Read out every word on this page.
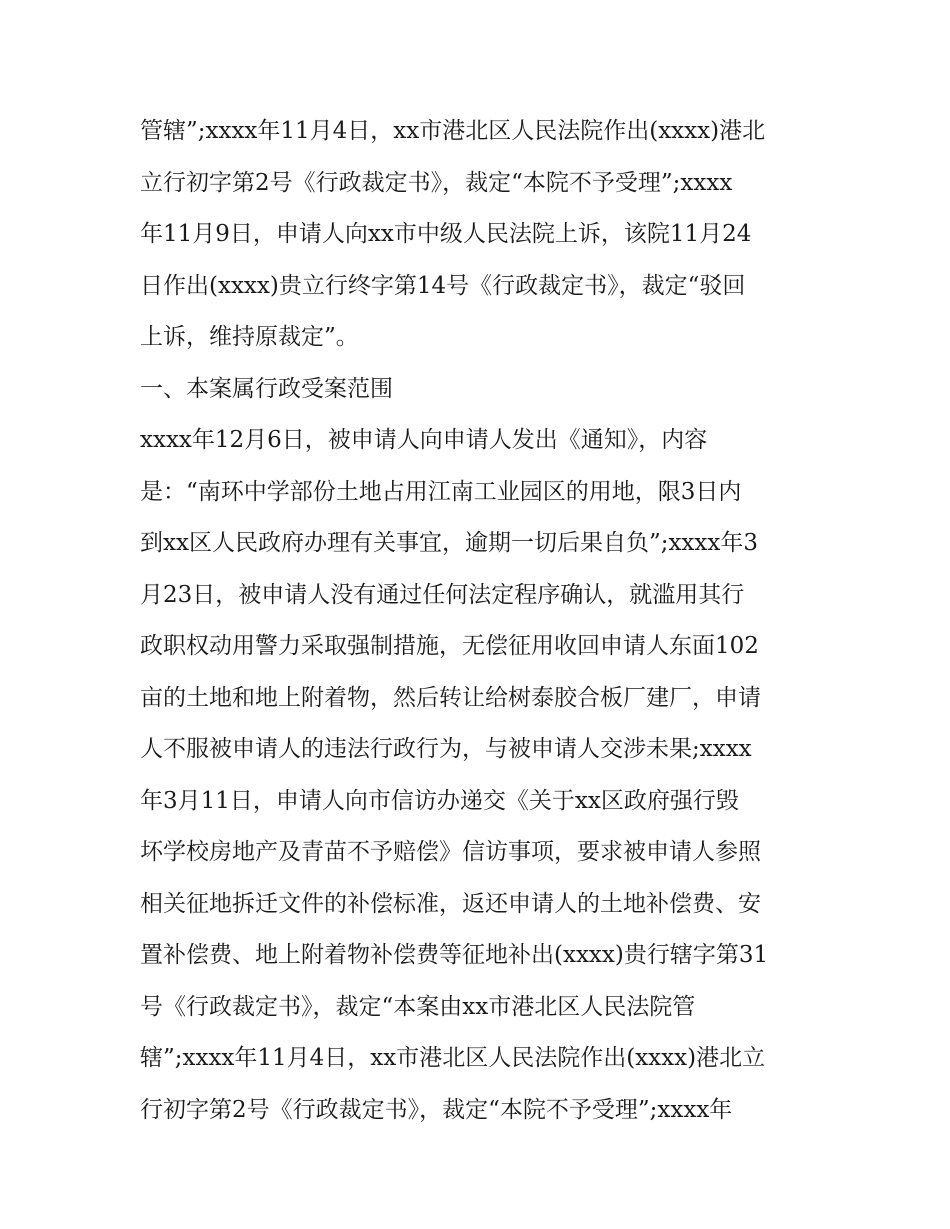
管辖”;xxxx年11月4日，xx市港北区人民法院作出(xxxx)港北
立行初字第2号《行政裁定书》，裁定“本院不予受理”;xxxx
年11月9日，申请人向xx市中级人民法院上诉，该院11月24
日作出(xxxx)贵立行终字第14号《行政裁定书》，裁定“驳回
上诉，维持原裁定”。
一、本案属行政受案范围
xxxx年12月6日，被申请人向申请人发出《通知》，内容
是：“南环中学部份土地占用江南工业园区的用地，限3日内
到xx区人民政府办理有关事宜，逾期一切后果自负”;xxxx年3
月23日，被申请人没有通过任何法定程序确认，就滥用其行
政职权动用警力采取强制措施，无偿征用收回申请人东面102
亩的土地和地上附着物，然后转让给树泰胶合板厂建厂，申请
人不服被申请人的违法行政行为，与被申请人交涉未果;xxxx
年3月11日，申请人向市信访办递交《关于xx区政府强行毁
坏学校房地产及青苗不予赔偿》信访事项，要求被申请人参照
相关征地拆迁文件的补偿标准，返还申请人的土地补偿费、安
置补偿费、地上附着物补偿费等征地补出(xxxx)贵行辖字第31
号《行政裁定书》，裁定“本案由xx市港北区人民法院管
辖”;xxxx年11月4日，xx市港北区人民法院作出(xxxx)港北立
行初字第2号《行政裁定书》，裁定“本院不予受理”;xxxx年
